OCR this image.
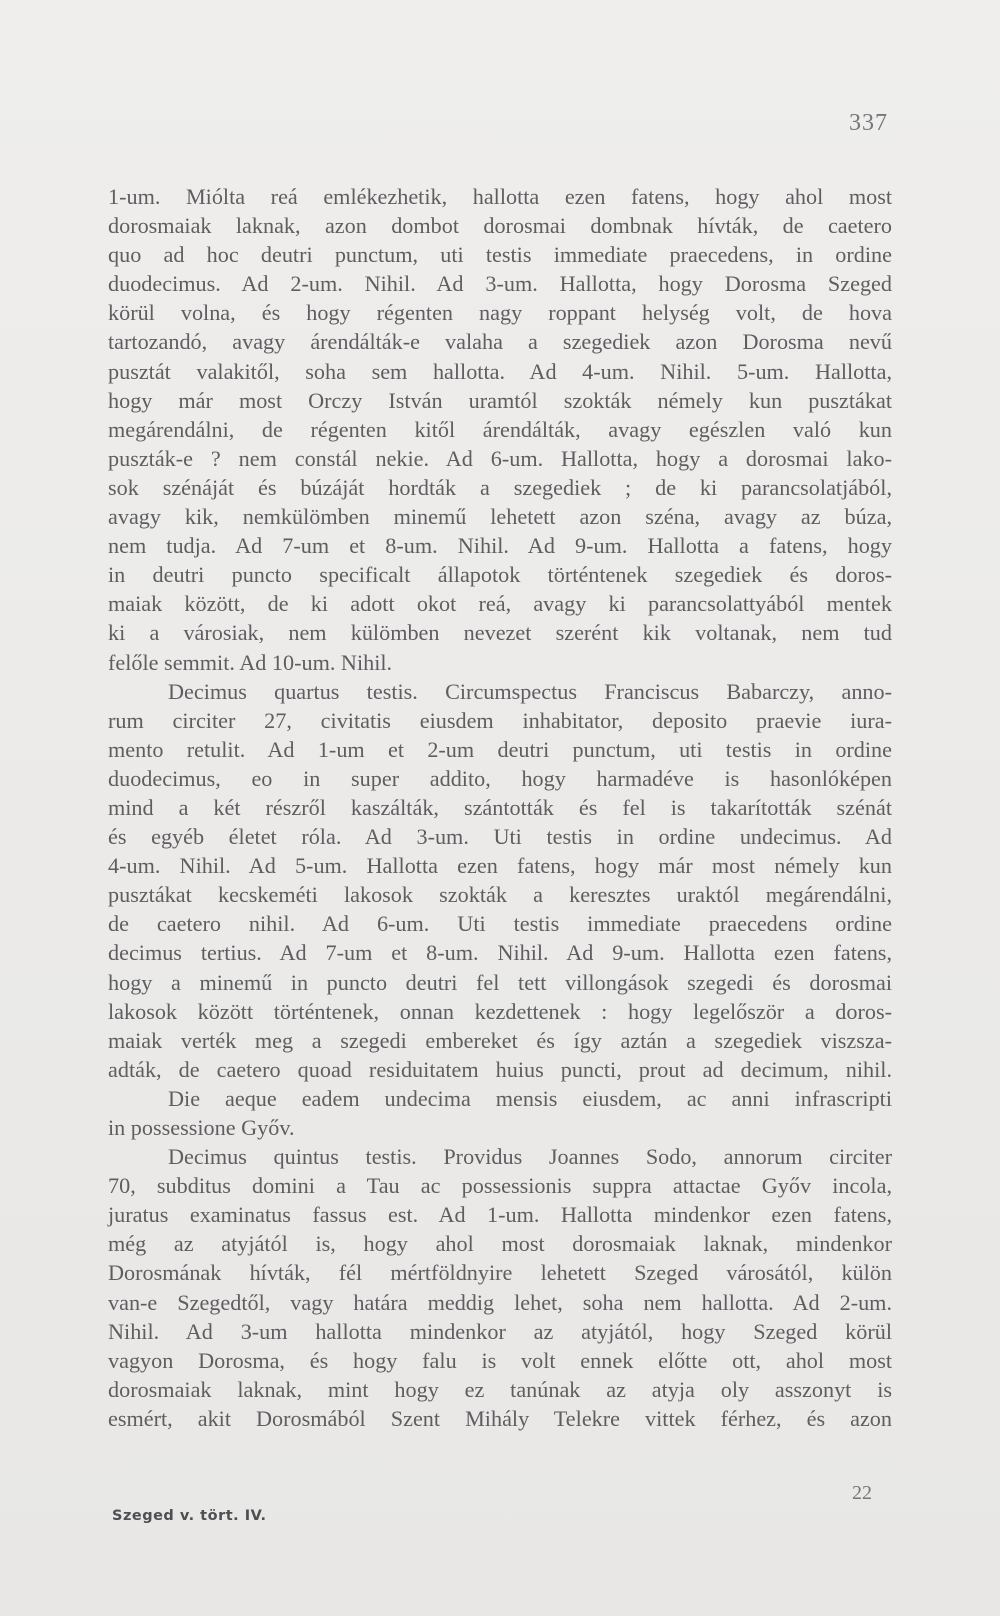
337
1-um. Miólta reá emlékezhetik, hallotta ezen fatens, hogy ahol most
dorosmaiak laknak, azon dombot dorosmai dombnak hívták, de caetero
quo ad hoc deutri punctum, uti testis immediate praecedens, in ordine
duodecimus. Ad 2-um. Nihil. Ad 3-um. Hallotta, hogy Dorosma Szeged
körül volna, és hogy régenten nagy roppant helység volt, de hova
tartozandó, avagy árendálták-e valaha a szegediek azon Dorosma nevű
pusztát valakitől, soha sem hallotta. Ad 4-um. Nihil. 5-um. Hallotta,
hogy már most Orczy István uramtól szokták némely kun pusztákat
megárendálni, de régenten kitől árendálták, avagy egészlen való kun
puszták-e ? nem constál nekie. Ad 6-um. Hallotta, hogy a dorosmai lako-
sok szénáját és búzáját hordták a szegediek ; de ki parancsolatjából,
avagy kik, nemkülömben minemű lehetett azon széna, avagy az búza,
nem tudja. Ad 7-um et 8-um. Nihil. Ad 9-um. Hallotta a fatens, hogy
in deutri puncto specificalt állapotok történtenek szegediek és doros-
maiak között, de ki adott okot reá, avagy ki parancsolattyából mentek
ki a városiak, nem külömben nevezet szerént kik voltanak, nem tud
felőle semmit. Ad 10-um. Nihil.
Decimus quartus testis. Circumspectus Franciscus Babarczy, anno-
rum circiter 27, civitatis eiusdem inhabitator, deposito praevie iura-
mento retulit. Ad 1-um et 2-um deutri punctum, uti testis in ordine
duodecimus, eo in super addito, hogy harmadéve is hasonlóképen
mind a két részről kaszálták, szántották és fel is takarították szénát
és egyéb életet róla. Ad 3-um. Uti testis in ordine undecimus. Ad
4-um. Nihil. Ad 5-um. Hallotta ezen fatens, hogy már most némely kun
pusztákat kecskeméti lakosok szokták a keresztes uraktól megárendálni,
de caetero nihil. Ad 6-um. Uti testis immediate praecedens ordine
decimus tertius. Ad 7-um et 8-um. Nihil. Ad 9-um. Hallotta ezen fatens,
hogy a minemű in puncto deutri fel tett villongások szegedi és dorosmai
lakosok között történtenek, onnan kezdettenek : hogy legelőször a doros-
maiak verték meg a szegedi embereket és így aztán a szegediek viszsza-
adták, de caetero quoad residuitatem huius puncti, prout ad decimum, nihil.
Die aeque eadem undecima mensis eiusdem, ac anni infrascripti
in possessione Győv.
Decimus quintus testis. Providus Joannes Sodo, annorum circiter
70, subditus domini a Tau ac possessionis suppra attactae Győv incola,
juratus examinatus fassus est. Ad 1-um. Hallotta mindenkor ezen fatens,
még az atyjától is, hogy ahol most dorosmaiak laknak, mindenkor
Dorosmának hívták, fél mértföldnyire lehetett Szeged városától, külön
van-e Szegedtől, vagy határa meddig lehet, soha nem hallotta. Ad 2-um.
Nihil. Ad 3-um hallotta mindenkor az atyjától, hogy Szeged körül
vagyon Dorosma, és hogy falu is volt ennek előtte ott, ahol most
dorosmaiak laknak, mint hogy ez tanúnak az atyja oly asszonyt is
esmért, akit Dorosmából Szent Mihály Telekre vittek férhez, és azon
22
Szeged v. tört. IV.
